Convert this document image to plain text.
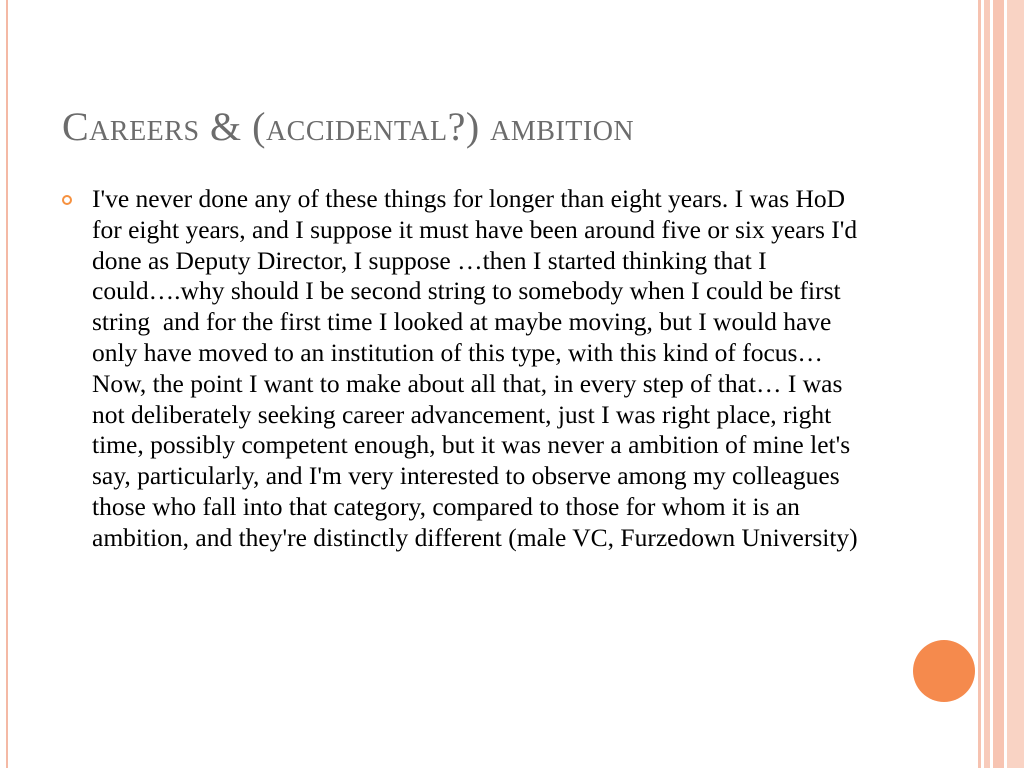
Careers & (accidental?) ambition

I've never done any of these things for longer than eight years. I was HoD for eight years, and I suppose it must have been around five or six years I'd done as Deputy Director, I suppose …then I started thinking that I could….why should I be second string to somebody when I could be first string  and for the first time I looked at maybe moving, but I would have only have moved to an institution of this type, with this kind of focus… Now, the point I want to make about all that, in every step of that… I was not deliberately seeking career advancement, just I was right place, right time, possibly competent enough, but it was never a ambition of mine let's say, particularly, and I'm very interested to observe among my colleagues those who fall into that category, compared to those for whom it is an ambition, and they're distinctly different (male VC, Furzedown University)
